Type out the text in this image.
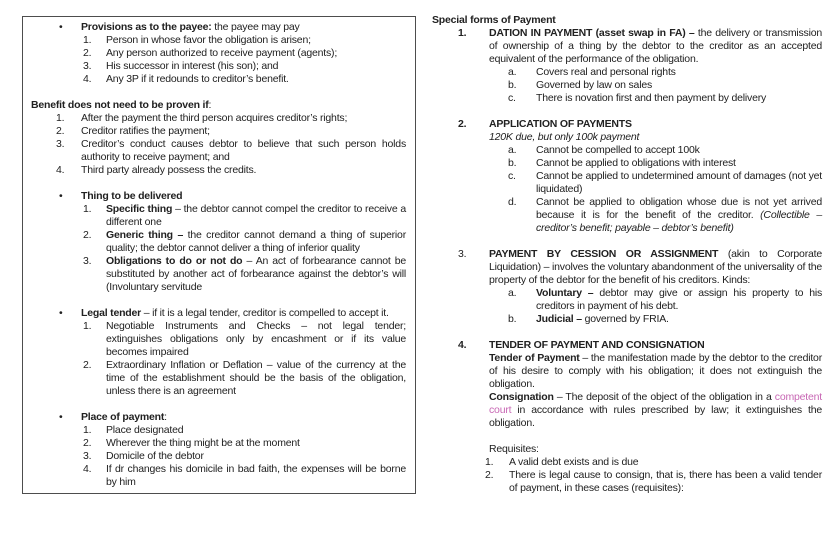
• Provisions as to the payee: the payee may pay
1. Person in whose favor the obligation is arisen;
2. Any person authorized to receive payment (agents);
3. His successor in interest (his son); and
4. Any 3P if it redounds to creditor’s benefit.
Benefit does not need to be proven if:
1. After the payment the third person acquires creditor’s rights;
2. Creditor ratifies the payment;
3. Creditor’s conduct causes debtor to believe that such person holds authority to receive payment; and
4. Third party already possess the credits.
• Thing to be delivered
1. Specific thing – the debtor cannot compel the creditor to receive a different one
2. Generic thing – the creditor cannot demand a thing of superior quality; the debtor cannot deliver a thing of inferior quality
3. Obligations to do or not do – An act of forbearance cannot be substituted by another act of forbearance against the debtor’s will (Involuntary servitude
• Legal tender – if it is a legal tender, creditor is compelled to accept it.
1. Negotiable Instruments and Checks – not legal tender; extinguishes obligations only by encashment or if its value becomes impaired
2. Extraordinary Inflation or Deflation – value of the currency at the time of the establishment should be the basis of the obligation, unless there is an agreement
• Place of payment:
1. Place designated
2. Wherever the thing might be at the moment
3. Domicile of the debtor
4. If dr changes his domicile in bad faith, the expenses will be borne by him
Special forms of Payment
1. DATION IN PAYMENT (asset swap in FA) – the delivery or transmission of ownership of a thing by the debtor to the creditor as an accepted equivalent of the performance of the obligation.
a. Covers real and personal rights
b. Governed by law on sales
c. There is novation first and then payment by delivery
2. APPLICATION OF PAYMENTS
120K due, but only 100k payment
a. Cannot be compelled to accept 100k
b. Cannot be applied to obligations with interest
c. Cannot be applied to undetermined amount of damages (not yet liquidated)
d. Cannot be applied to obligation whose due is not yet arrived because it is for the benefit of the creditor. (Collectible – creditor’s benefit; payable – debtor’s benefit)
3. PAYMENT BY CESSION OR ASSIGNMENT (akin to Corporate Liquidation) – involves the voluntary abandonment of the universality of the property of the debtor for the benefit of his creditors. Kinds:
a. Voluntary – debtor may give or assign his property to his creditors in payment of his debt.
b. Judicial – governed by FRIA.
4. TENDER OF PAYMENT AND CONSIGNATION
Tender of Payment – the manifestation made by the debtor to the creditor of his desire to comply with his obligation; it does not extinguish the obligation.
Consignation – The deposit of the object of the obligation in a competent court in accordance with rules prescribed by law; it extinguishes the obligation.
Requisites:
1. A valid debt exists and is due
2. There is legal cause to consign, that is, there has been a valid tender of payment, in these cases (requisites):
